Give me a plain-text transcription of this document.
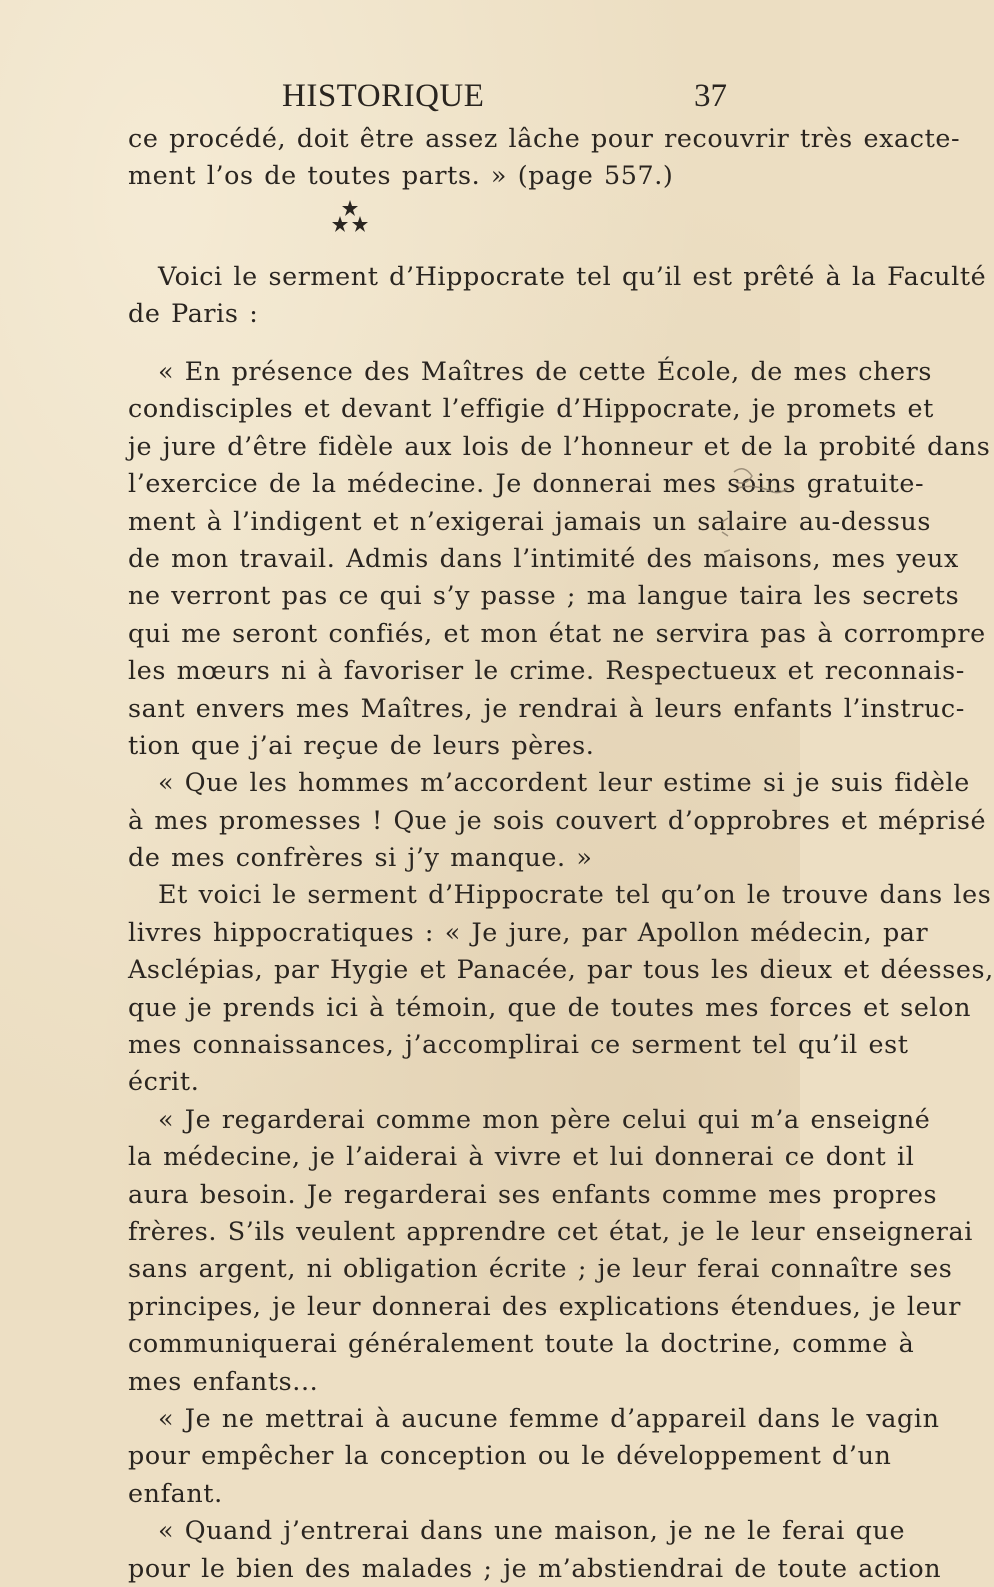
HISTORIQUE	37
ce procédé, doit être assez lâche pour recouvrir très exacte-
ment l’os de toutes parts. » (page 557.)
Voici le serment d’Hippocrate tel qu’il est prêté à la Faculté
de Paris :
« En présence des Maîtres de cette École, de mes chers
condisciples et devant l’effigie d’Hippocrate, je promets et
je jure d’être fidèle aux lois de l’honneur et de la probité dans
l’exercice de la médecine. Je donnerai mes soins gratuite-
ment à l’indigent et n’exigerai jamais un salaire au-dessus
de mon travail. Admis dans l’intimité des maisons, mes yeux
ne verront pas ce qui s’y passe ; ma langue taira les secrets
qui me seront confiés, et mon état ne servira pas à corrompre
les mœurs ni à favoriser le crime. Respectueux et reconnais-
sant envers mes Maîtres, je rendrai à leurs enfants l’instruc-
tion que j’ai reçue de leurs pères.
« Que les hommes m’accordent leur estime si je suis fidèle
à mes promesses ! Que je sois couvert d’opprobres et méprisé
de mes confrères si j’y manque. »
Et voici le serment d’Hippocrate tel qu’on le trouve dans les
livres hippocratiques : « Je jure, par Apollon médecin, par
Asclépias, par Hygie et Panacée, par tous les dieux et déesses,
que je prends ici à témoin, que de toutes mes forces et selon
mes connaissances, j’accomplirai ce serment tel qu’il est
écrit.
« Je regarderai comme mon père celui qui m’a enseigné
la médecine, je l’aiderai à vivre et lui donnerai ce dont il
aura besoin. Je regarderai ses enfants comme mes propres
frères. S’ils veulent apprendre cet état, je le leur enseignerai
sans argent, ni obligation écrite ; je leur ferai connaître ses
principes, je leur donnerai des explications étendues, je leur
communiquerai généralement toute la doctrine, comme à
mes enfants...
« Je ne mettrai à aucune femme d’appareil dans le vagin
pour empêcher la conception ou le développement d’un
enfant.
« Quand j’entrerai dans une maison, je ne le ferai que
pour le bien des malades ; je m’abstiendrai de toute action
